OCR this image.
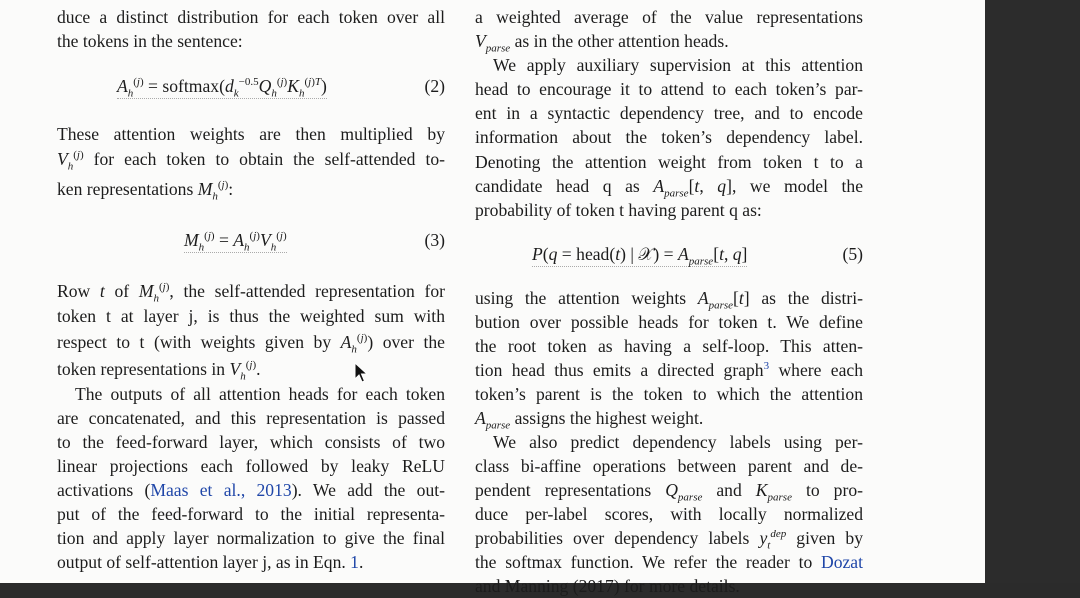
duce a distinct distribution for each token over all
the tokens in the sentence:
$A_h^{(j)}$ = $softmax(d_k^{-0.5}Q_h^{(j)}K_h^{(j)T})$	(2)
These attention weights are then multiplied by
$V_h^{(j)}$ for each token to obtain the self-attended to-
ken representations $M_h^{(j)}$:
$M_h^{(j)} = A_h^{(j)}V_h^{(j)}$	(3)
Row t of $M_h^{(j)}$, the self-attended representation for
token t at layer j, is thus the weighted sum with
respect to t (with weights given by $A_h^{(j)}$) over the
token representations in $V_h^{(j)}$.
The outputs of all attention heads for each token
are concatenated, and this representation is passed
to the feed-forward layer, which consists of two
linear projections each followed by leaky ReLU
activations (Maas et al., 2013). We add the out-
put of the feed-forward to the initial representa-
tion and apply layer normalization to give the final
output of self-attention layer j, as in Eqn. 1.
a weighted average of the value representations
$V_{parse}$ as in the other attention heads.
We apply auxiliary supervision at this attention
head to encourage it to attend to each token’s par-
ent in a syntactic dependency tree, and to encode
information about the token’s dependency label.
Denoting the attention weight from token t to a
candidate head q as $A_{parse}[t$, q], we model the
probability of token t having parent q as:
P(q = head(t) | 𝒳) = $A_{parse}[t$, q]	(5)
using the attention weights $A_{parse}[t]$ as the distri-
bution over possible heads for token t. We define
the root token as having a self-loop. This atten-
tion head thus emits a directed graph$^3$ where each
token’s parent is the token to which the attention
$A_{parse}$ assigns the highest weight.
We also predict dependency labels using per-
class bi-affine operations between parent and de-
pendent representations $Q_{parse}$ and $K_{parse}$ to pro-
duce per-label scores, with locally normalized
probabilities over dependency labels $y_t^{dep}$ given by
the softmax function. We refer the reader to Dozat
and Manning (2017) for more details.
